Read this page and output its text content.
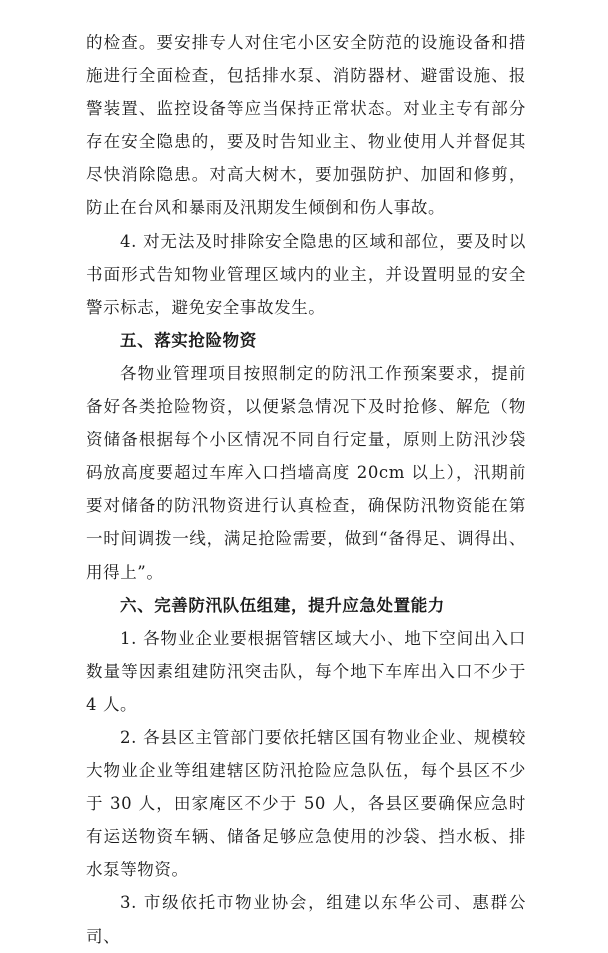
的检查。要安排专人对住宅小区安全防范的设施设备和措施进行全面检查，包括排水泵、消防器材、避雷设施、报警装置、监控设备等应当保持正常状态。对业主专有部分存在安全隐患的，要及时告知业主、物业使用人并督促其尽快消除隐患。对高大树木，要加强防护、加固和修剪，防止在台风和暴雨及汛期发生倾倒和伤人事故。

4. 对无法及时排除安全隐患的区域和部位，要及时以书面形式告知物业管理区域内的业主，并设置明显的安全警示标志，避免安全事故发生。

五、落实抢险物资

各物业管理项目按照制定的防汛工作预案要求，提前备好各类抢险物资，以便紧急情况下及时抢修、解危（物资储备根据每个小区情况不同自行定量，原则上防汛沙袋码放高度要超过车库入口挡墙高度 20cm 以上），汛期前要对储备的防汛物资进行认真检查，确保防汛物资能在第一时间调拨一线，满足抢险需要，做到“备得足、调得出、用得上”。

六、完善防汛队伍组建，提升应急处置能力

1. 各物业企业要根据管辖区域大小、地下空间出入口数量等因素组建防汛突击队，每个地下车库出入口不少于 4 人。

2. 各县区主管部门要依托辖区国有物业企业、规模较大物业企业等组建辖区防汛抢险应急队伍，每个县区不少于 30 人，田家庵区不少于 50 人，各县区要确保应急时有运送物资车辆、储备足够应急使用的沙袋、挡水板、排水泵等物资。

3. 市级依托市物业协会，组建以东华公司、惠群公司、
